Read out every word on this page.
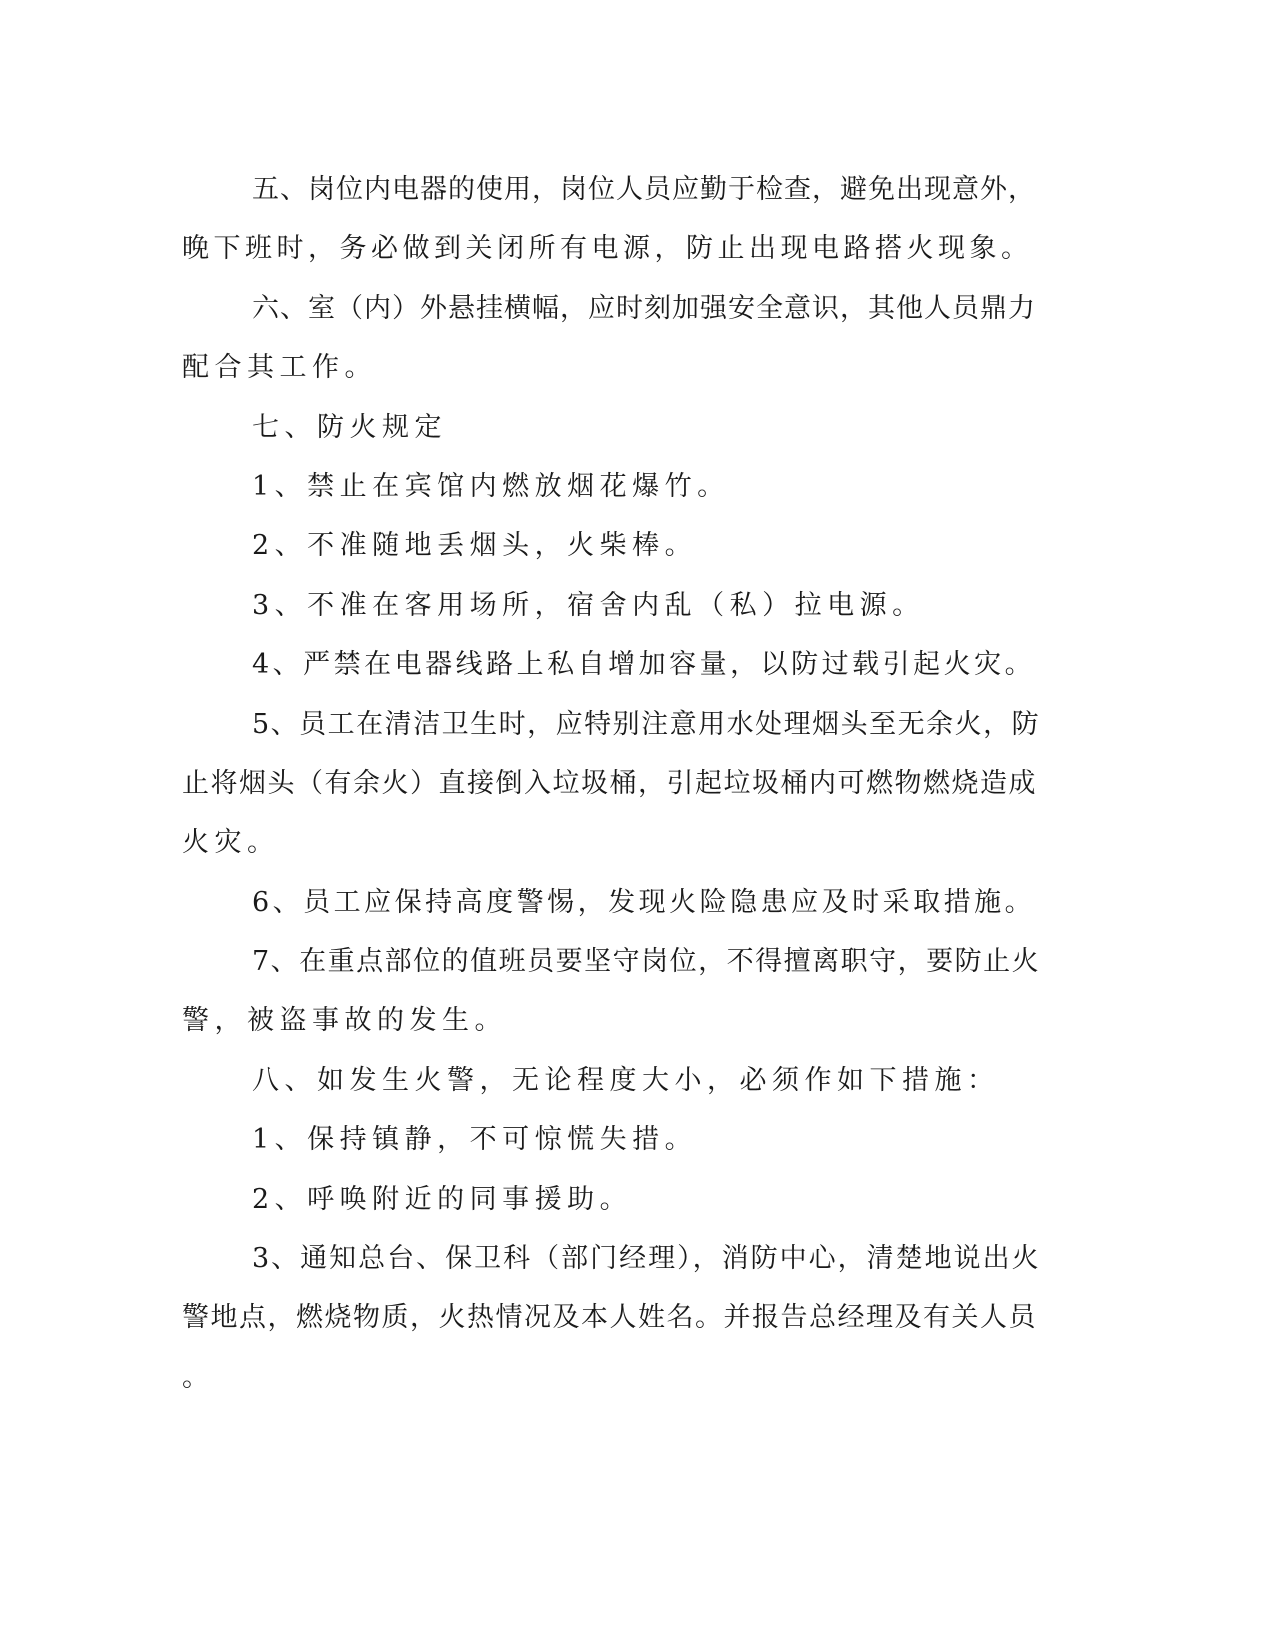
五、岗位内电器的使用，岗位人员应勤于检查，避免出现意外，
晚下班时，务必做到关闭所有电源，防止出现电路搭火现象。
六、室（内）外悬挂横幅，应时刻加强安全意识，其他人员鼎力
配合其工作。
七、防火规定
1、禁止在宾馆内燃放烟花爆竹。
2、不准随地丢烟头，火柴棒。
3、不准在客用场所，宿舍内乱（私）拉电源。
4、严禁在电器线路上私自增加容量，以防过载引起火灾。
5、员工在清洁卫生时，应特别注意用水处理烟头至无余火，防
止将烟头（有余火）直接倒入垃圾桶，引起垃圾桶内可燃物燃烧造成
火灾。
6、员工应保持高度警惕，发现火险隐患应及时采取措施。
7、在重点部位的值班员要坚守岗位，不得擅离职守，要防止火
警，被盗事故的发生。
八、如发生火警，无论程度大小，必须作如下措施：
1、保持镇静，不可惊慌失措。
2、呼唤附近的同事援助。
3、通知总台、保卫科（部门经理），消防中心，清楚地说出火
警地点，燃烧物质，火热情况及本人姓名。并报告总经理及有关人员
。
